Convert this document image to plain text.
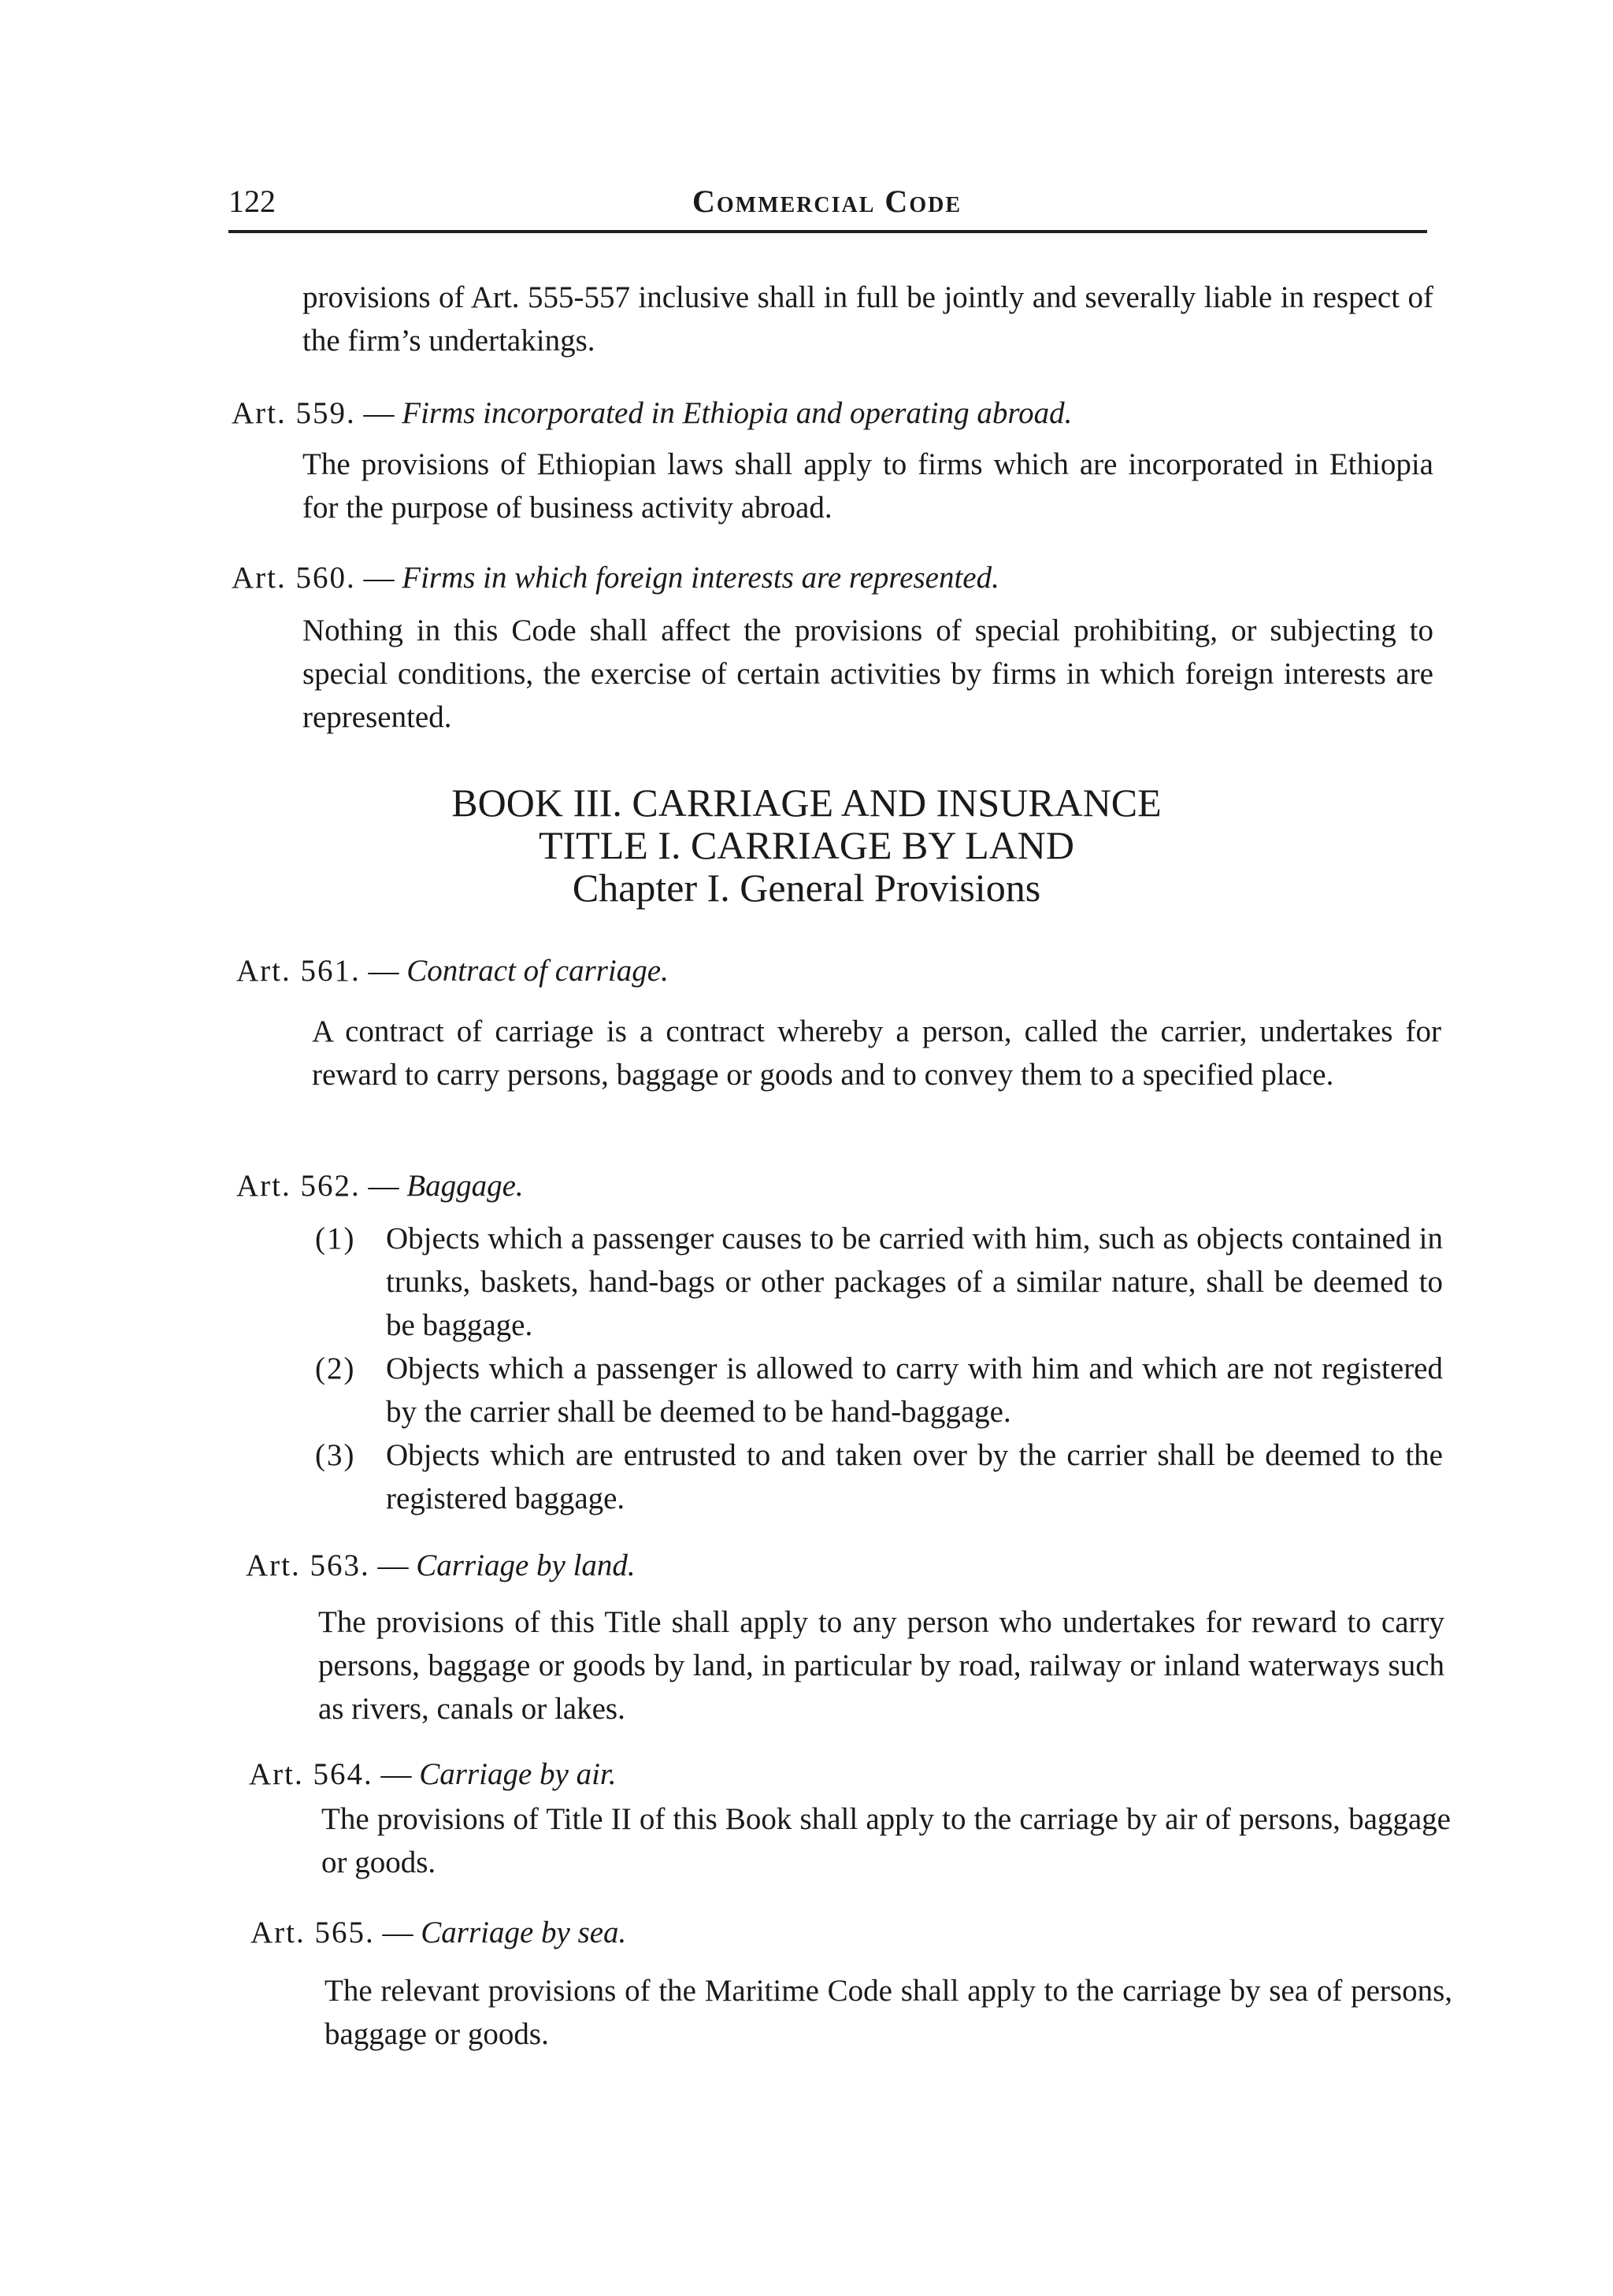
122	Commercial Code
provisions of Art. 555-557 inclusive shall in full be jointly and severally liable in respect of the firm’s undertakings.
Art. 559. — Firms incorporated in Ethiopia and operating abroad.
The provisions of Ethiopian laws shall apply to firms which are incorporated in Ethiopia for the purpose of business activity abroad.
Art. 560. — Firms in which foreign interests are represented.
Nothing in this Code shall affect the provisions of special prohibiting, or subjecting to special conditions, the exercise of certain activities by firms in which foreign interests are represented.
BOOK III. CARRIAGE AND INSURANCE
TITLE I. CARRIAGE BY LAND
Chapter I. General Provisions
Art. 561. — Contract of carriage.
A contract of carriage is a contract whereby a person, called the carrier, undertakes for reward to carry persons, baggage or goods and to convey them to a specified place.
Art. 562. — Baggage.
(1) Objects which a passenger causes to be carried with him, such as objects contained in trunks, baskets, hand-bags or other packages of a similar nature, shall be deemed to be baggage.
(2) Objects which a passenger is allowed to carry with him and which are not registered by the carrier shall be deemed to be hand-baggage.
(3) Objects which are entrusted to and taken over by the carrier shall be deemed to the registered baggage.
Art. 563. — Carriage by land.
The provisions of this Title shall apply to any person who undertakes for reward to carry persons, baggage or goods by land, in particular by road, railway or inland waterways such as rivers, canals or lakes.
Art. 564. — Carriage by air.
The provisions of Title II of this Book shall apply to the carriage by air of persons, baggage or goods.
Art. 565. — Carriage by sea.
The relevant provisions of the Maritime Code shall apply to the carriage by sea of persons, baggage or goods.
